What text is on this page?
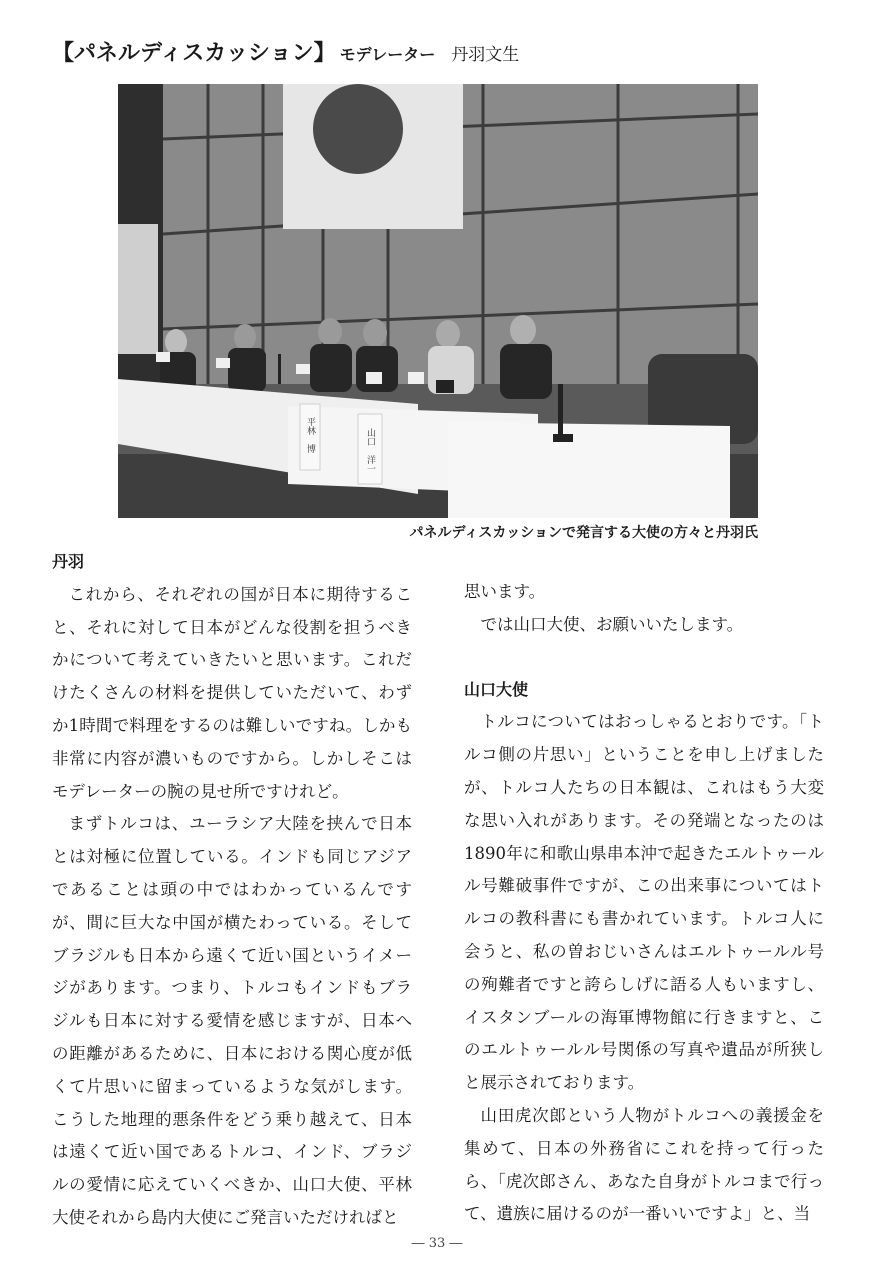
【パネルディスカッション】 モデレーター 丹羽文生
平林　博	山口　洋一
パネルディスカッションで発言する大使の方々と丹羽氏
丹羽

これから、それぞれの国が日本に期待すること、それに対して日本がどんな役割を担うべきかについて考えていきたいと思います。これだけたくさんの材料を提供していただいて、わずか1時間で料理をするのは難しいですね。しかも非常に内容が濃いものですから。しかしそこはモデレーターの腕の見せ所ですけれど。

まずトルコは、ユーラシア大陸を挟んで日本とは対極に位置している。インドも同じアジアであることは頭の中ではわかっているんですが、間に巨大な中国が横たわっている。そしてブラジルも日本から遠くて近い国というイメージがあります。つまり、トルコもインドもブラジルも日本に対する愛情を感じますが、日本への距離があるために、日本における関心度が低くて片思いに留まっているような気がします。こうした地理的悪条件をどう乗り越えて、日本は遠くて近い国であるトルコ、インド、ブラジルの愛情に応えていくべきか、山口大使、平林大使それから島内大使にご発言いただければと

思います。

では山口大使、お願いいたします。

山口大使

トルコについてはおっしゃるとおりです。「トルコ側の片思い」ということを申し上げましたが、トルコ人たちの日本観は、これはもう大変な思い入れがあります。その発端となったのは1890年に和歌山県串本沖で起きたエルトゥールル号難破事件ですが、この出来事についてはトルコの教科書にも書かれています。トルコ人に会うと、私の曽おじいさんはエルトゥールル号の殉難者ですと誇らしげに語る人もいますし、イスタンブールの海軍博物館に行きますと、このエルトゥールル号関係の写真や遺品が所狭しと展示されております。

山田虎次郎という人物がトルコへの義援金を集めて、日本の外務省にこれを持って行ったら、「虎次郎さん、あなた自身がトルコまで行って、遺族に届けるのが一番いいですよ」と、当

― 33 ―
